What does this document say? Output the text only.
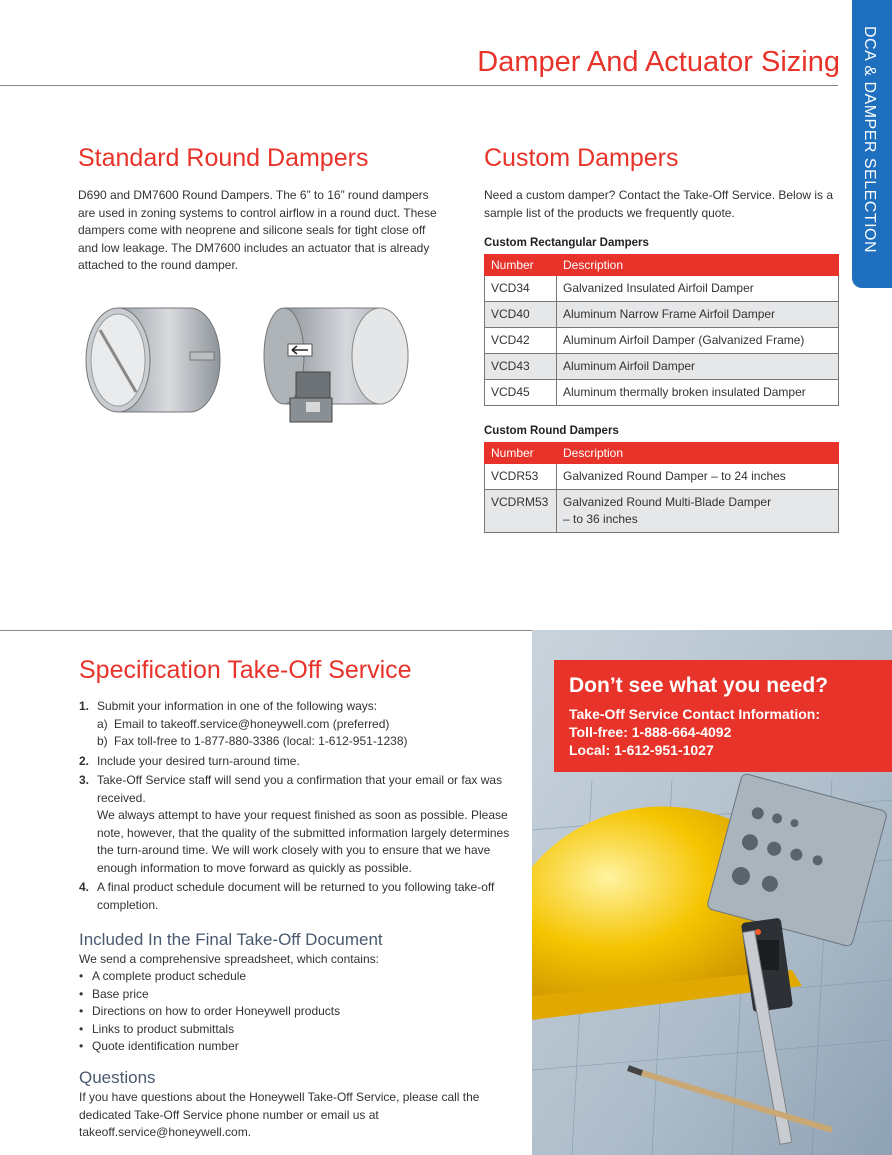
Damper And Actuator Sizing DCA & DAMPER SELECTION
Standard Round Dampers

D690 and DM7600 Round Dampers. The 6” to 16” round dampers are used in zoning systems to control airflow in a round duct. These dampers come with neoprene and silicone seals for tight close off and low leakage. The DM7600 includes an actuator that is already attached to the round damper.

Custom Dampers

Need a custom damper? Contact the Take-Off Service. Below is a sample list of the products we frequently quote.

Custom Rectangular Dampers
Number	Description
VCD34	Galvanized Insulated Airfoil Damper
VCD40	Aluminum Narrow Frame Airfoil Damper
VCD42	Aluminum Airfoil Damper (Galvanized Frame)
VCD43	Aluminum Airfoil Damper
VCD45	Aluminum thermally broken insulated Damper
Custom Round Dampers
Number	Description
VCDR53	Galvanized Round Damper – to 24 inches
VCDRM53	Galvanized Round Multi-Blade Damper – to 36 inches
Specification Take-Off Service
1. Submit your information in one of the following ways:
a) Email to takeoff.service@honeywell.com (preferred)
b) Fax toll-free to 1-877-880-3386 (local: 1-612-951-1238)
2. Include your desired turn-around time.
3. Take-Off Service staff will send you a confirmation that your email or fax was received.
We always attempt to have your request finished as soon as possible. Please note, however, that the quality of the submitted information largely determines the turn-around time. We will work closely with you to ensure that we have enough information to move forward as quickly as possible.
4. A final product schedule document will be returned to you following take-off completion.
Included In the Final Take-Off Document

We send a comprehensive spreadsheet, which contains:

• A complete product schedule
• Base price
• Directions on how to order Honeywell products
• Links to product submittals
• Quote identification number
Questions

If you have questions about the Honeywell Take-Off Service, please call the dedicated Take-Off Service phone number or email us at takeoff.service@honeywell.com.

Don’t see what you need?
Take-Off Service Contact Information:
Toll-free: 1-888-664-4092
Local: 1-612-951-1027
